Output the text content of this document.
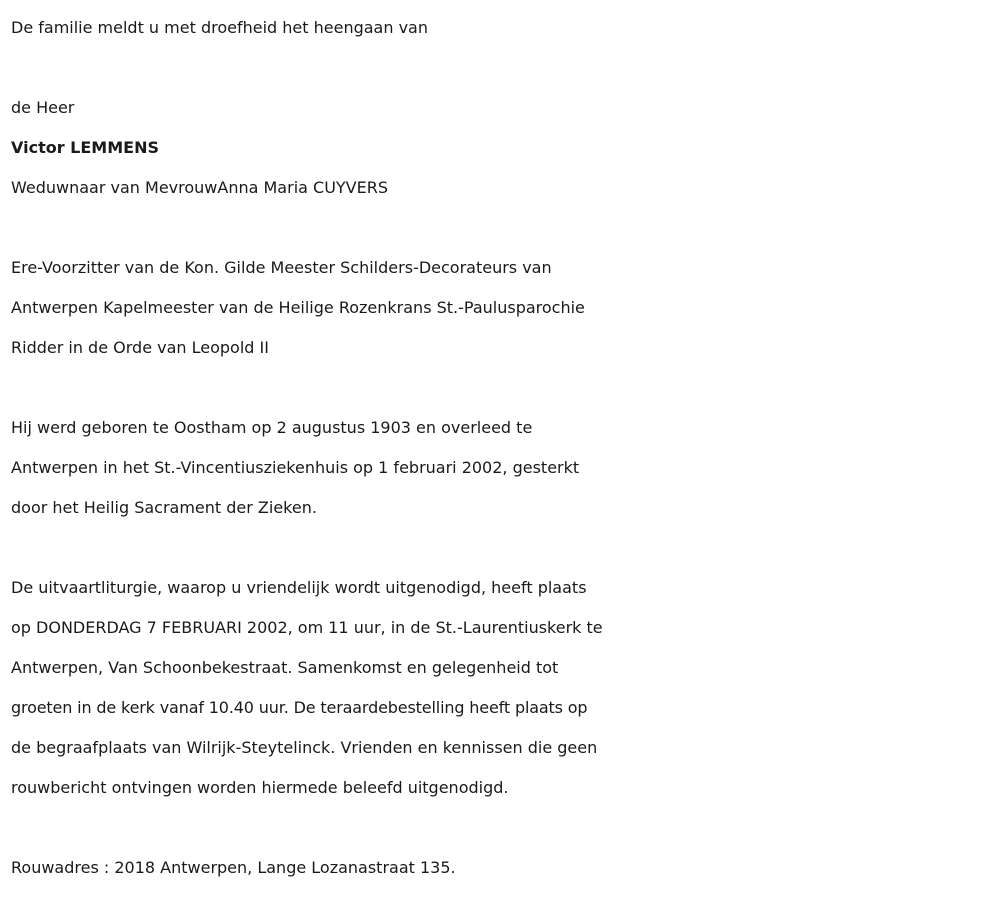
De familie meldt u met droefheid het heengaan van

de Heer

Victor LEMMENS

Weduwnaar van MevrouwAnna Maria CUYVERS

Ere-Voorzitter van de Kon. Gilde Meester Schilders-Decorateurs van

Antwerpen Kapelmeester van de Heilige Rozenkrans St.-Paulusparochie

Ridder in de Orde van Leopold II

Hij werd geboren te Oostham op 2 augustus 1903 en overleed te

Antwerpen in het St.-Vincentiusziekenhuis op 1 februari 2002, gesterkt

door het Heilig Sacrament der Zieken.

De uitvaartliturgie, waarop u vriendelijk wordt uitgenodigd, heeft plaats

op DONDERDAG 7 FEBRUARI 2002, om 11 uur, in de St.-Laurentiuskerk te

Antwerpen, Van Schoonbekestraat. Samenkomst en gelegenheid tot

groeten in de kerk vanaf 10.40 uur. De teraardebestelling heeft plaats op

de begraafplaats van Wilrijk-Steytelinck. Vrienden en kennissen die geen

rouwbericht ontvingen worden hiermede beleefd uitgenodigd.

Rouwadres : 2018 Antwerpen, Lange Lozanastraat 135.
